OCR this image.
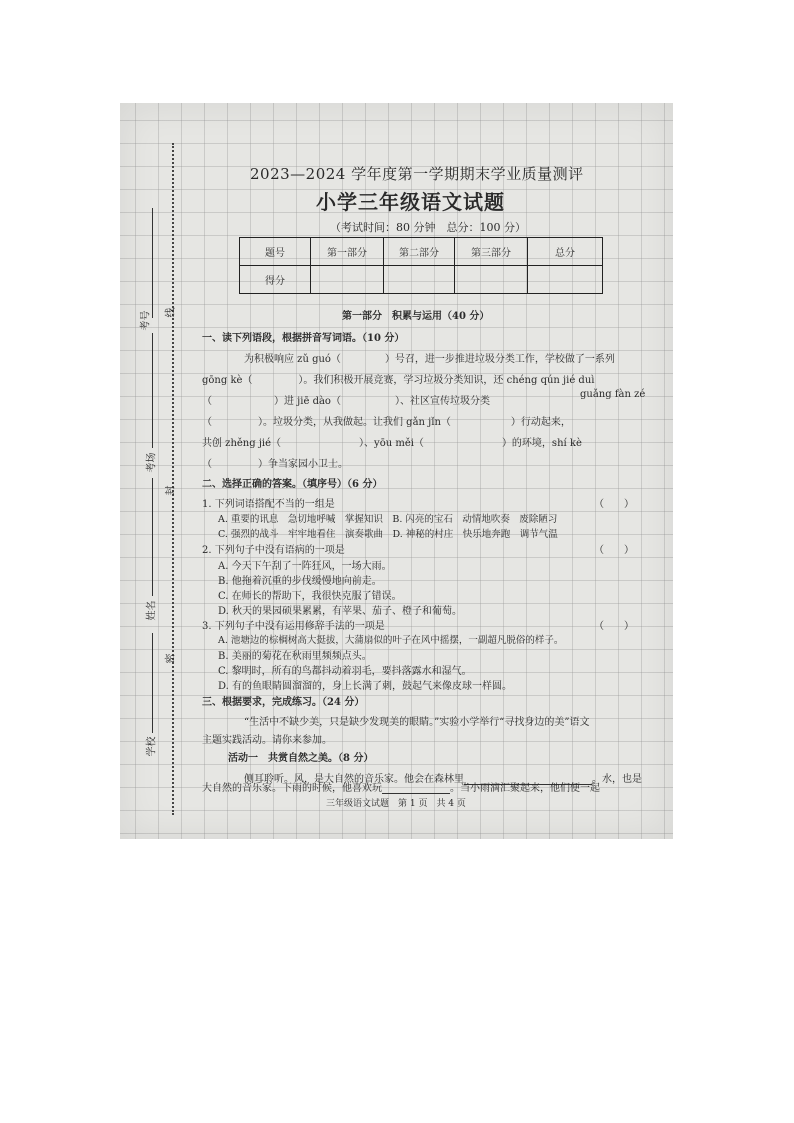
考号	线
考场
封
姓名
密
学校
2023—2024 学年度第一学期期末学业质量测评
小学三年级语文试题
（考试时间：80 分钟　总分：100 分）
题号	第一部分	第二部分	第三部分	总分
得分				
第一部分　积累与运用（40 分）
一、读下列语段，根据拼音写词语。（10 分）
为积极响应 zǔ guó（	）号召，进一步推进垃圾分类工作，学校做了一系列
gōng kè（	）。我们积极开展竞赛，学习垃圾分类知识，还 chéng qún jié duì
（	）进 jiē dào（	）、社区宣传垃圾分类
guǎng fàn zé
（	）。垃圾分类，从我做起。让我们 gǎn jǐn（	）行动起来，
共创 zhěng jié（	）、yōu měi（	）的环境，shí kè
（	）争当家园小卫士。
二、选择正确的答案。（填序号）（6 分）
1. 下列词语搭配不当的一组是	（　　）
A. 重要的讯息　急切地呼喊　掌握知识　B. 闪亮的宝石　动情地吹奏　废除陋习
C. 强烈的战斗　牢牢地看住　演奏歌曲　D. 神秘的村庄　快乐地奔跑　调节气温
2. 下列句子中没有语病的一项是	（　　）
A. 今天下午刮了一阵狂风，一场大雨。
B. 他拖着沉重的步伐缓慢地向前走。
C. 在师长的帮助下，我很快克服了错误。
D. 秋天的果园硕果累累，有苹果、茄子、橙子和葡萄。
3. 下列句子中没有运用修辞手法的一项是	（　　）
A. 池塘边的棕榈树高大挺拔，大蒲扇似的叶子在风中摇摆，一副超凡脱俗的样子。
B. 美丽的菊花在秋雨里频频点头。
C. 黎明时，所有的鸟都抖动着羽毛，要抖落露水和湿气。
D. 有的鱼眼睛圆溜溜的，身上长满了刺，鼓起气来像皮球一样圆。
三、根据要求，完成练习。（24 分）
“生活中不缺少美，只是缺少发现美的眼睛。”实验小学举行“寻找身边的美”语文
主题实践活动。请你来参加。
活动一　共赏自然之美。（8 分）
侧耳聆听。风，是大自然的音乐家。他会在森林里	。水，也是
三年级语文试题　第 1 页　共 4 页
大自然的音乐家。下雨的时候，他喜欢玩	。当小雨滴汇聚起来，他们便一起
